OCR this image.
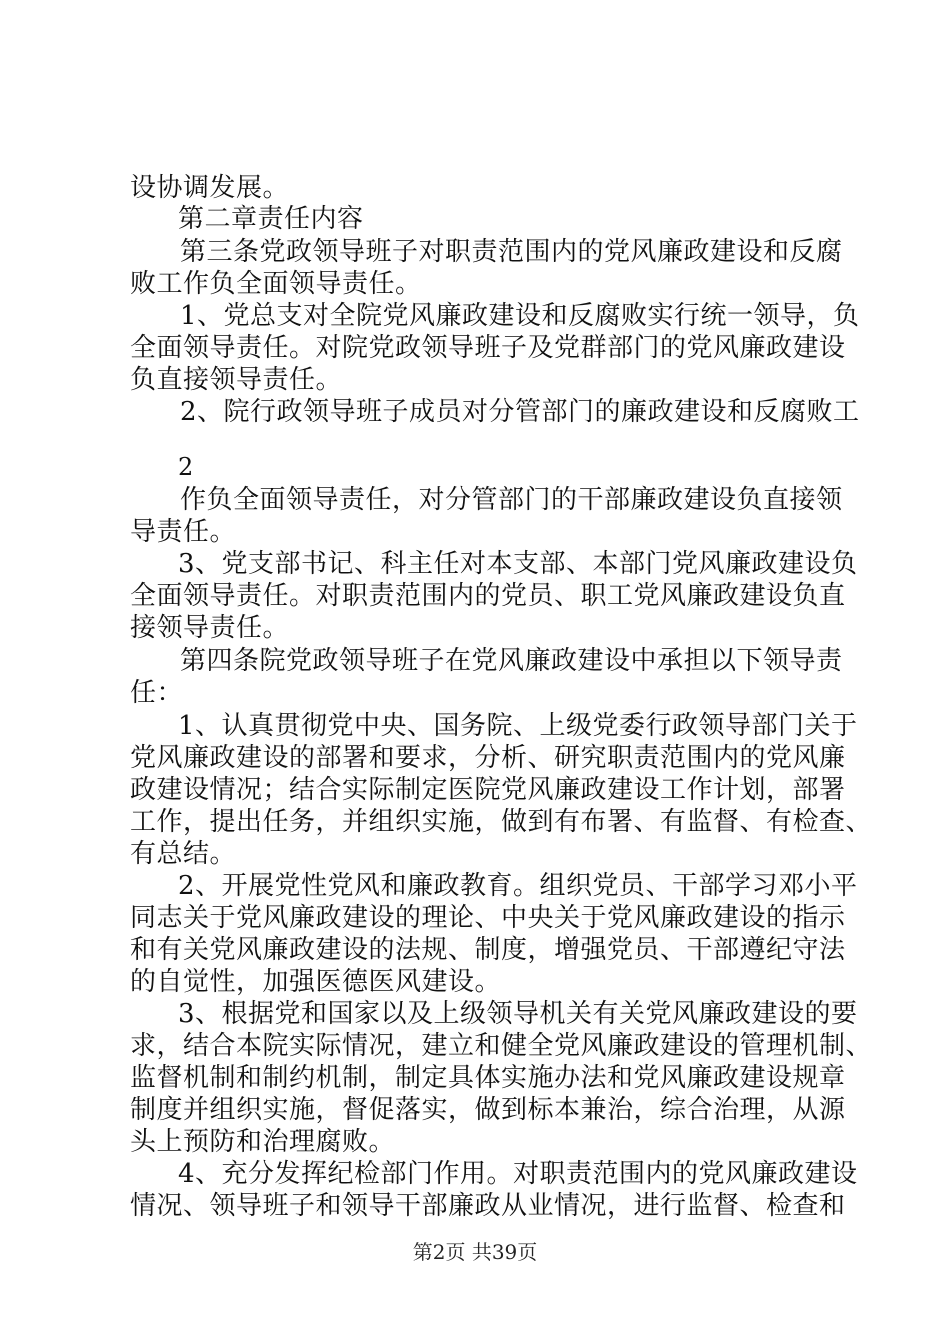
设协调发展。
第二章责任内容
第三条党政领导班子对职责范围内的党风廉政建设和反腐
败工作负全面领导责任。
1、党总支对全院党风廉政建设和反腐败实行统一领导，负
全面领导责任。对院党政领导班子及党群部门的党风廉政建设
负直接领导责任。
2、院行政领导班子成员对分管部门的廉政建设和反腐败工
2
作负全面领导责任，对分管部门的干部廉政建设负直接领
导责任。
3、党支部书记、科主任对本支部、本部门党风廉政建设负
全面领导责任。对职责范围内的党员、职工党风廉政建设负直
接领导责任。
第四条院党政领导班子在党风廉政建设中承担以下领导责
任：
1、认真贯彻党中央、国务院、上级党委行政领导部门关于
党风廉政建设的部署和要求，分析、研究职责范围内的党风廉
政建设情况；结合实际制定医院党风廉政建设工作计划，部署
工作，提出任务，并组织实施，做到有布署、有监督、有检查、
有总结。
2、开展党性党风和廉政教育。组织党员、干部学习邓小平
同志关于党风廉政建设的理论、中央关于党风廉政建设的指示
和有关党风廉政建设的法规、制度，增强党员、干部遵纪守法
的自觉性，加强医德医风建设。
3、根据党和国家以及上级领导机关有关党风廉政建设的要
求，结合本院实际情况，建立和健全党风廉政建设的管理机制、
监督机制和制约机制，制定具体实施办法和党风廉政建设规章
制度并组织实施，督促落实，做到标本兼治，综合治理，从源
头上预防和治理腐败。
4、充分发挥纪检部门作用。对职责范围内的党风廉政建设
情况、领导班子和领导干部廉政从业情况，进行监督、检查和
第2页 共39页
